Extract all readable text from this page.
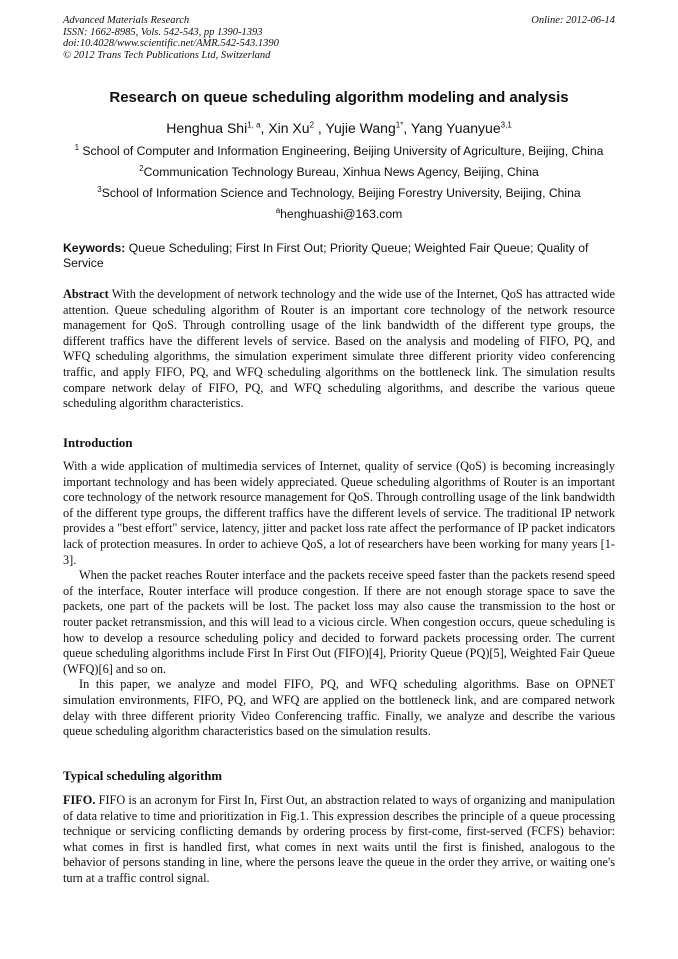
Advanced Materials Research
ISSN: 1662-8985, Vols. 542-543, pp 1390-1393
doi:10.4028/www.scientific.net/AMR.542-543.1390
© 2012 Trans Tech Publications Ltd, Switzerland
Online: 2012-06-14
Research on queue scheduling algorithm modeling and analysis
Henghua Shi$^{1, a}$, Xin Xu$^2$ , Yujie Wang$^{1*}$, Yang Yuanyue$^{3,1}$
$^1$ School of Computer and Information Engineering, Beijing University of Agriculture, Beijing, China
$^2$Communication Technology Bureau, Xinhua News Agency, Beijing, China
$^3$School of Information Science and Technology, Beijing Forestry University, Beijing, China
$^a$henghuashi@163.com
Keywords: Queue Scheduling; First In First Out; Priority Queue; Weighted Fair Queue; Quality of Service

Abstract With the development of network technology and the wide use of the Internet, QoS has attracted wide attention. Queue scheduling algorithm of Router is an important core technology of the network resource management for QoS. Through controlling usage of the link bandwidth of the different type groups, the different traffics have the different levels of service. Based on the analysis and modeling of FIFO, PQ, and WFQ scheduling algorithms, the simulation experiment simulate three different priority video conferencing traffic, and apply FIFO, PQ, and WFQ scheduling algorithms on the bottleneck link. The simulation results compare network delay of FIFO, PQ, and WFQ scheduling algorithms, and describe the various queue scheduling algorithm characteristics.

Introduction

With a wide application of multimedia services of Internet, quality of service (QoS) is becoming increasingly important technology and has been widely appreciated. Queue scheduling algorithms of Router is an important core technology of the network resource management for QoS. Through controlling usage of the link bandwidth of the different type groups, the different traffics have the different levels of service. The traditional IP network provides a "best effort" service, latency, jitter and packet loss rate affect the performance of IP packet indicators lack of protection measures. In order to achieve QoS, a lot of researchers have been working for many years [1-3].

When the packet reaches Router interface and the packets receive speed faster than the packets resend speed of the interface, Router interface will produce congestion. If there are not enough storage space to save the packets, one part of the packets will be lost. The packet loss may also cause the transmission to the host or router packet retransmission, and this will lead to a vicious circle. When congestion occurs, queue scheduling is how to develop a resource scheduling policy and decided to forward packets processing order. The current queue scheduling algorithms include First In First Out (FIFO)[4], Priority Queue (PQ)[5], Weighted Fair Queue (WFQ)[6] and so on.

In this paper, we analyze and model FIFO, PQ, and WFQ scheduling algorithms. Base on OPNET simulation environments, FIFO, PQ, and WFQ are applied on the bottleneck link, and are compared network delay with three different priority Video Conferencing traffic. Finally, we analyze and describe the various queue scheduling algorithm characteristics based on the simulation results.

Typical scheduling algorithm

FIFO. FIFO is an acronym for First In, First Out, an abstraction related to ways of organizing and manipulation of data relative to time and prioritization in Fig.1. This expression describes the principle of a queue processing technique or servicing conflicting demands by ordering process by first-come, first-served (FCFS) behavior: what comes in first is handled first, what comes in next waits until the first is finished, analogous to the behavior of persons standing in line, where the persons leave the queue in the order they arrive, or waiting one's turn at a traffic control signal.
